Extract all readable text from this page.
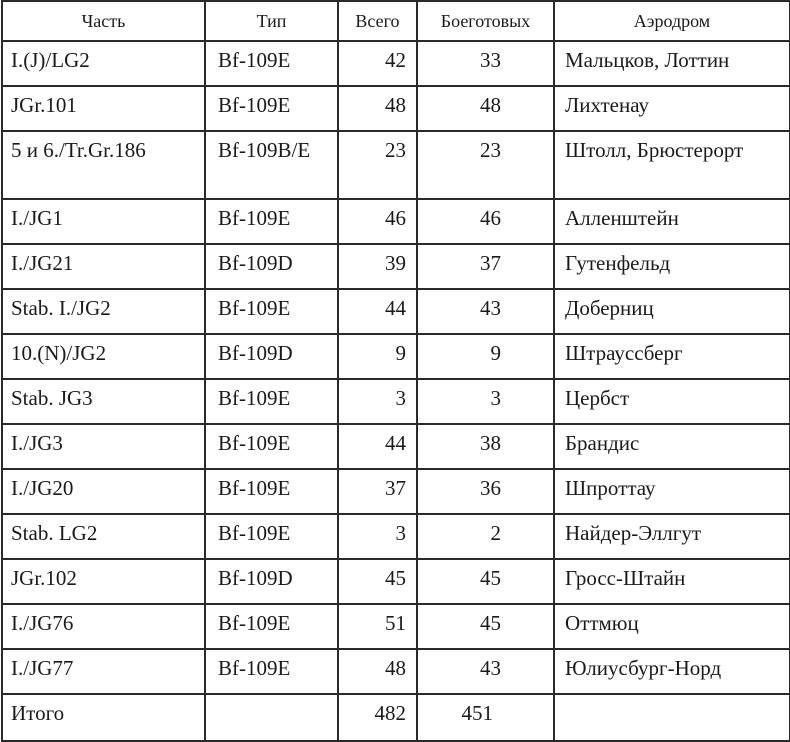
Часть	Тип	Всего	Боеготовых	Аэродром
I.(J)/LG2	Bf-109E	42	33	Мальцков, Лоттин
JGr.101	Bf-109E	48	48	Лихтенау
5 и 6./Tr.Gr.186	Bf-109B/E	23	23	Штолл, Брюстерорт
I./JG1	Bf-109E	46	46	Алленштейн
I./JG21	Bf-109D	39	37	Гутенфельд
Stab. I./JG2	Bf-109E	44	43	Доберниц
10.(N)/JG2	Bf-109D	9	9	Штрауссберг
Stab. JG3	Bf-109E	3	3	Цербст
I./JG3	Bf-109E	44	38	Брандис
I./JG20	Bf-109E	37	36	Шпроттау
Stab. LG2	Bf-109E	3	2	Найдер-Эллгут
JGr.102	Bf-109D	45	45	Гросс-Штайн
I./JG76	Bf-109E	51	45	Оттмюц
I./JG77	Bf-109E	48	43	Юлиусбург-Норд
Итого		482	451	
